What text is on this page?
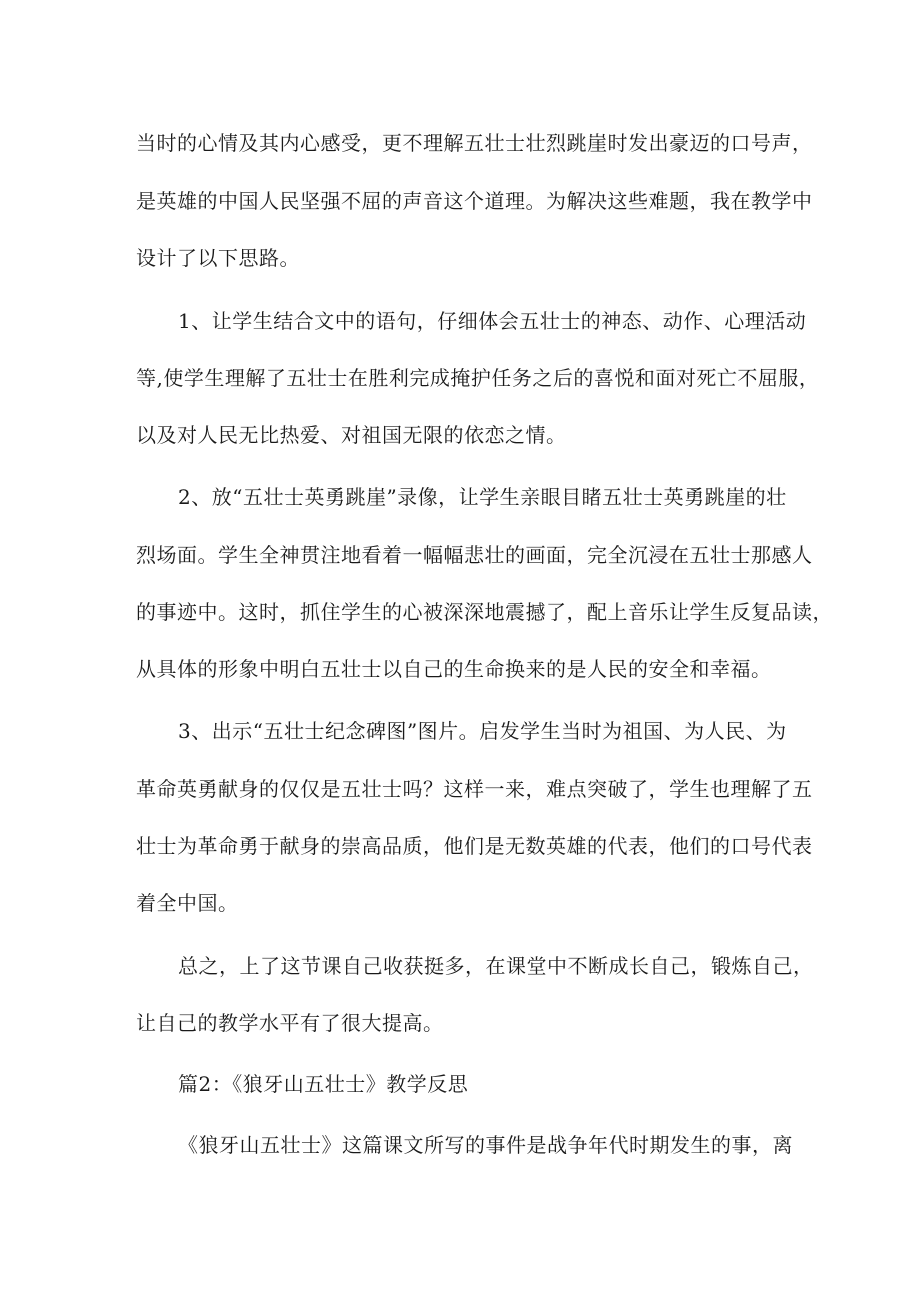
当时的心情及其内心感受，更不理解五壮士壮烈跳崖时发出豪迈的口号声，

是英雄的中国人民坚强不屈的声音这个道理。为解决这些难题，我在教学中

设计了以下思路。

1、让学生结合文中的语句，仔细体会五壮士的神态、动作、心理活动

等,使学生理解了五壮士在胜利完成掩护任务之后的喜悦和面对死亡不屈服，

以及对人民无比热爱、对祖国无限的依恋之情。

2、放“五壮士英勇跳崖”录像，让学生亲眼目睹五壮士英勇跳崖的壮

烈场面。学生全神贯注地看着一幅幅悲壮的画面，完全沉浸在五壮士那感人

的事迹中。这时，抓住学生的心被深深地震撼了，配上音乐让学生反复品读，

从具体的形象中明白五壮士以自己的生命换来的是人民的安全和幸福。

3、出示“五壮士纪念碑图”图片。启发学生当时为祖国、为人民、为

革命英勇献身的仅仅是五壮士吗？这样一来，难点突破了，学生也理解了五

壮士为革命勇于献身的崇高品质，他们是无数英雄的代表，他们的口号代表

着全中国。

总之，上了这节课自己收获挺多，在课堂中不断成长自己，锻炼自己，

让自己的教学水平有了很大提高。

篇2：《狼牙山五壮士》教学反思

《狼牙山五壮士》这篇课文所写的事件是战争年代时期发生的事，离
